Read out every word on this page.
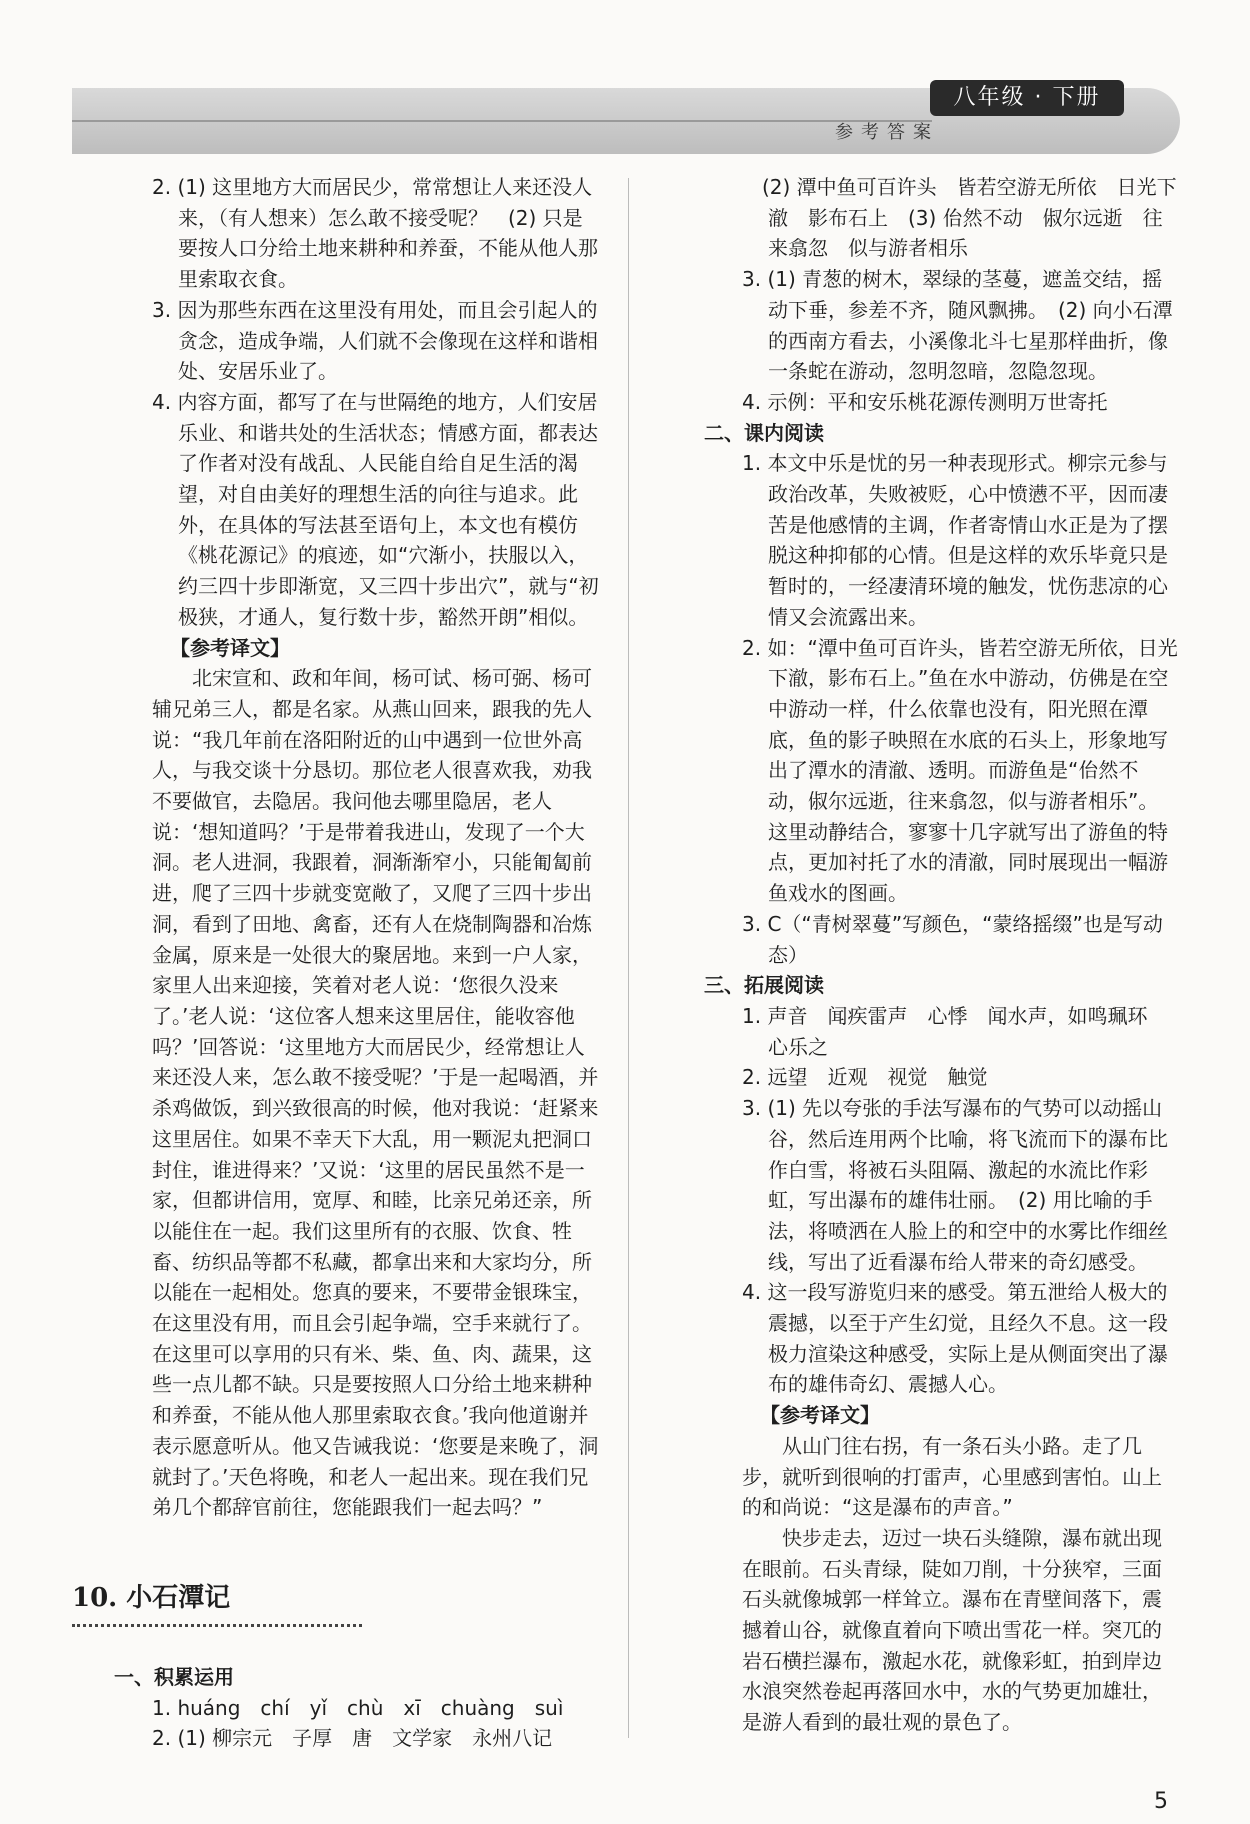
八年级 · 下册
参考答案
2. (1) 这里地方大而居民少，常常想让人来还没人来，（有人想来）怎么敢不接受呢？　(2) 只是要按人口分给土地来耕种和养蚕，不能从他人那里索取衣食。
3. 因为那些东西在这里没有用处，而且会引起人的贪念，造成争端，人们就不会像现在这样和谐相处、安居乐业了。
4. 内容方面，都写了在与世隔绝的地方，人们安居乐业、和谐共处的生活状态；情感方面，都表达了作者对没有战乱、人民能自给自足生活的渴望，对自由美好的理想生活的向往与追求。此外，在具体的写法甚至语句上，本文也有模仿《桃花源记》的痕迹，如“穴渐小，扶服以入，约三四十步即渐宽，又三四十步出穴”，就与“初极狭，才通人，复行数十步，豁然开朗”相似。
【参考译文】
北宋宣和、政和年间，杨可试、杨可弼、杨可辅兄弟三人，都是名家。从燕山回来，跟我的先人说：“我几年前在洛阳附近的山中遇到一位世外高人，与我交谈十分恳切。那位老人很喜欢我，劝我不要做官，去隐居。我问他去哪里隐居，老人说：‘想知道吗？’于是带着我进山，发现了一个大洞。老人进洞，我跟着，洞渐渐窄小，只能匍匐前进，爬了三四十步就变宽敞了，又爬了三四十步出洞，看到了田地、禽畜，还有人在烧制陶器和冶炼金属，原来是一处很大的聚居地。来到一户人家，家里人出来迎接，笑着对老人说：‘您很久没来了。’老人说：‘这位客人想来这里居住，能收容他吗？’回答说：‘这里地方大而居民少，经常想让人来还没人来，怎么敢不接受呢？’于是一起喝酒，并杀鸡做饭，到兴致很高的时候，他对我说：‘赶紧来这里居住。如果不幸天下大乱，用一颗泥丸把洞口封住，谁进得来？’又说：‘这里的居民虽然不是一家，但都讲信用，宽厚、和睦，比亲兄弟还亲，所以能住在一起。我们这里所有的衣服、饮食、牲畜、纺织品等都不私藏，都拿出来和大家均分，所以能在一起相处。您真的要来，不要带金银珠宝，在这里没有用，而且会引起争端，空手来就行了。在这里可以享用的只有米、柴、鱼、肉、蔬果，这些一点儿都不缺。只是要按照人口分给土地来耕种和养蚕，不能从他人那里索取衣食。’我向他道谢并表示愿意听从。他又告诫我说：‘您要是来晚了，洞就封了。’天色将晚，和老人一起出来。现在我们兄弟几个都辞官前往，您能跟我们一起去吗？”
10. 小石潭记
一、积累运用
1. huáng　chí　yǐ　chù　xī　chuàng　suì
2. (1) 柳宗元　子厚　唐　文学家　永州八记
　(2) 潭中鱼可百许头　皆若空游无所依　日光下澈　影布石上　(3) 佁然不动　俶尔远逝　往来翕忽　似与游者相乐
3. (1) 青葱的树木，翠绿的茎蔓，遮盖交结，摇动下垂，参差不齐，随风飘拂。　(2) 向小石潭的西南方看去，小溪像北斗七星那样曲折，像一条蛇在游动，忽明忽暗，忽隐忽现。
4. 示例：平和安乐桃花源传测明万世寄托
二、课内阅读
1. 本文中乐是忧的另一种表现形式。柳宗元参与政治改革，失败被贬，心中愤懑不平，因而凄苦是他感情的主调，作者寄情山水正是为了摆脱这种抑郁的心情。但是这样的欢乐毕竟只是暂时的，一经凄清环境的触发，忧伤悲凉的心情又会流露出来。
2. 如：“潭中鱼可百许头，皆若空游无所依，日光下澈，影布石上。”鱼在水中游动，仿佛是在空中游动一样，什么依靠也没有，阳光照在潭底，鱼的影子映照在水底的石头上，形象地写出了潭水的清澈、透明。而游鱼是“佁然不动，俶尔远逝，往来翕忽，似与游者相乐”。这里动静结合，寥寥十几字就写出了游鱼的特点，更加衬托了水的清澈，同时展现出一幅游鱼戏水的图画。
3. C（“青树翠蔓”写颜色，“蒙络摇缀”也是写动态）
三、拓展阅读
1. 声音　闻疾雷声　心悸　闻水声，如鸣珮环　心乐之
2. 远望　近观　视觉　触觉
3. (1) 先以夸张的手法写瀑布的气势可以动摇山谷，然后连用两个比喻，将飞流而下的瀑布比作白雪，将被石头阻隔、激起的水流比作彩虹，写出瀑布的雄伟壮丽。　(2) 用比喻的手法，将喷洒在人脸上的和空中的水雾比作细丝线，写出了近看瀑布给人带来的奇幻感受。
4. 这一段写游览归来的感受。第五泄给人极大的震撼，以至于产生幻觉，且经久不息。这一段极力渲染这种感受，实际上是从侧面突出了瀑布的雄伟奇幻、震撼人心。
【参考译文】
从山门往右拐，有一条石头小路。走了几步，就听到很响的打雷声，心里感到害怕。山上的和尚说：“这是瀑布的声音。”
快步走去，迈过一块石头缝隙，瀑布就出现在眼前。石头青绿，陡如刀削，十分狭窄，三面石头就像城郭一样耸立。瀑布在青壁间落下，震撼着山谷，就像直着向下喷出雪花一样。突兀的岩石横拦瀑布，激起水花，就像彩虹，拍到岸边水浪突然卷起再落回水中，水的气势更加雄壮，是游人看到的最壮观的景色了。
5
